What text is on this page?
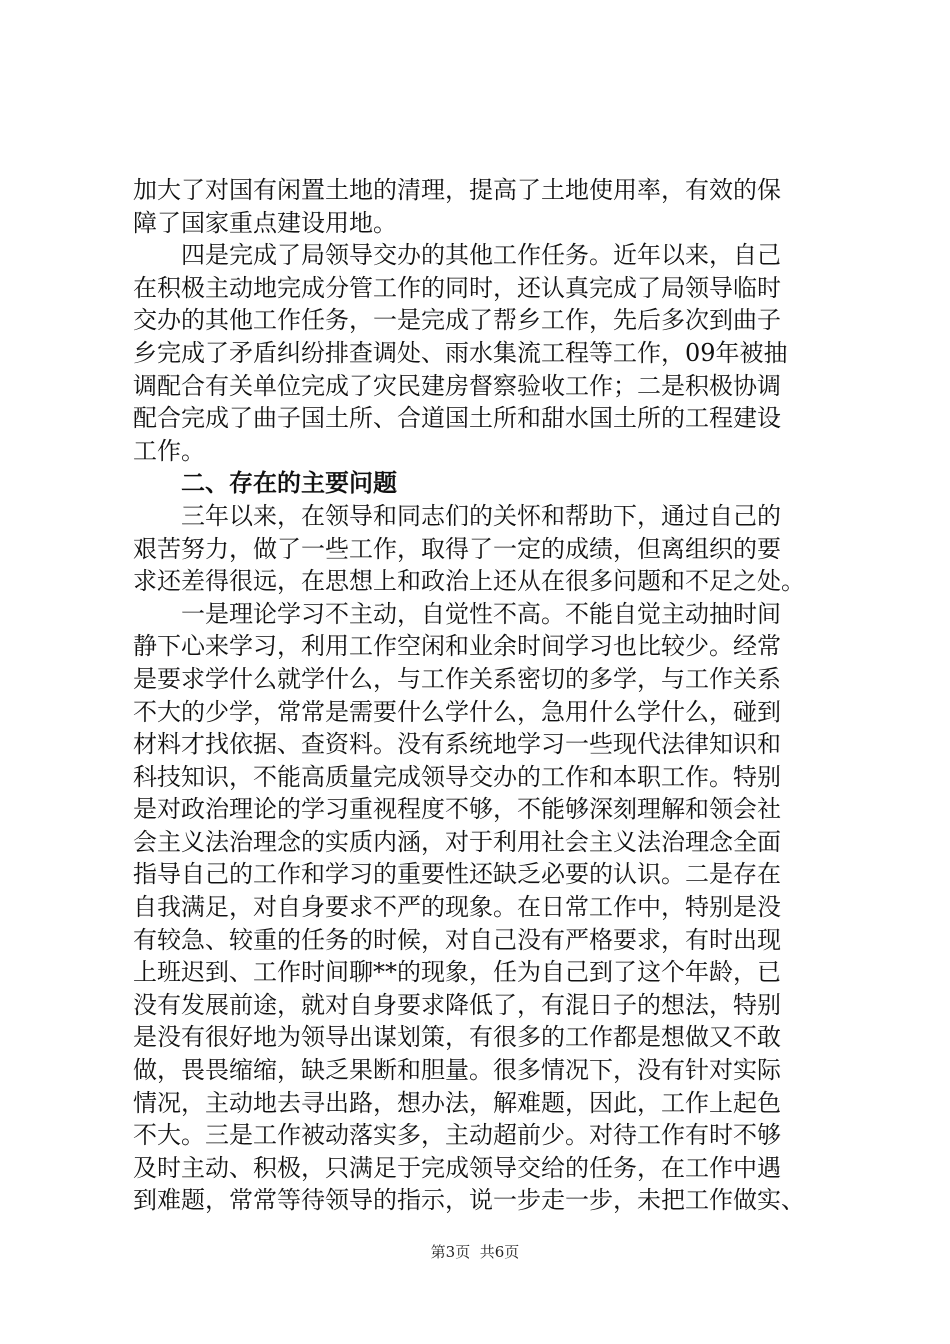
加大了对国有闲置土地的清理，提高了土地使用率，有效的保
障了国家重点建设用地。
四是完成了局领导交办的其他工作任务。近年以来，自己
在积极主动地完成分管工作的同时，还认真完成了局领导临时
交办的其他工作任务，一是完成了帮乡工作，先后多次到曲子
乡完成了矛盾纠纷排查调处、雨水集流工程等工作，09年被抽
调配合有关单位完成了灾民建房督察验收工作；二是积极协调
配合完成了曲子国土所、合道国土所和甜水国土所的工程建设
工作。
二、存在的主要问题
三年以来，在领导和同志们的关怀和帮助下，通过自己的
艰苦努力，做了一些工作，取得了一定的成绩，但离组织的要
求还差得很远，在思想上和政治上还从在很多问题和不足之处。
一是理论学习不主动，自觉性不高。不能自觉主动抽时间
静下心来学习，利用工作空闲和业余时间学习也比较少。经常
是要求学什么就学什么，与工作关系密切的多学，与工作关系
不大的少学，常常是需要什么学什么，急用什么学什么，碰到
材料才找依据、查资料。没有系统地学习一些现代法律知识和
科技知识，不能高质量完成领导交办的工作和本职工作。特别
是对政治理论的学习重视程度不够，不能够深刻理解和领会社
会主义法治理念的实质内涵，对于利用社会主义法治理念全面
指导自己的工作和学习的重要性还缺乏必要的认识。二是存在
自我满足，对自身要求不严的现象。在日常工作中，特别是没
有较急、较重的任务的时候，对自己没有严格要求，有时出现
上班迟到、工作时间聊**的现象，任为自己到了这个年龄，已
没有发展前途，就对自身要求降低了，有混日子的想法，特别
是没有很好地为领导出谋划策，有很多的工作都是想做又不敢
做，畏畏缩缩，缺乏果断和胆量。很多情况下，没有针对实际
情况，主动地去寻出路，想办法，解难题，因此，工作上起色
不大。三是工作被动落实多，主动超前少。对待工作有时不够
及时主动、积极，只满足于完成领导交给的任务，在工作中遇
到难题，常常等待领导的指示，说一步走一步，未把工作做实、
第3页 共6页
